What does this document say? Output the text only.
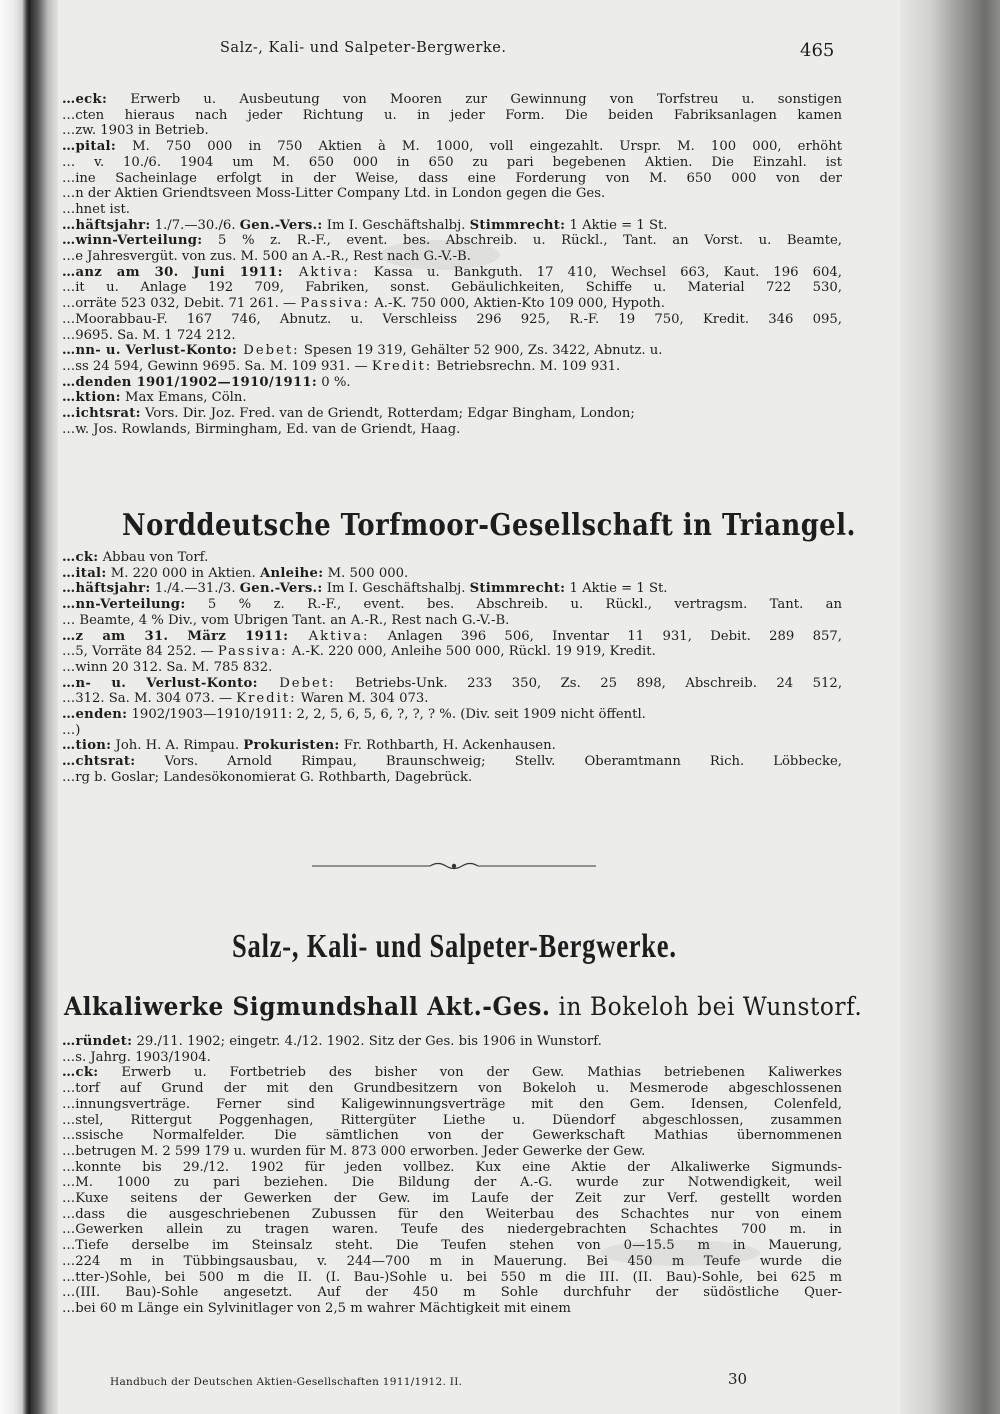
Salz-, Kali- und Salpeter-Bergwerke.	465
…eck: Erwerb u. Ausbeutung von Mooren zur Gewinnung von Torfstreu u. sonstigen
…cten hieraus nach jeder Richtung u. in jeder Form. Die beiden Fabriksanlagen kamen
…zw. 1903 in Betrieb.
…pital: M. 750 000 in 750 Aktien à M. 1000, voll eingezahlt. Urspr. M. 100 000, erhöht
… v. 10./6. 1904 um M. 650 000 in 650 zu pari begebenen Aktien. Die Einzahl. ist
…ine Sacheinlage erfolgt in der Weise, dass eine Forderung von M. 650 000 von der
…n der Aktien Griendtsveen Moss-Litter Company Ltd. in London gegen die Ges.
…hnet ist.
…häftsjahr: 1./7.—30./6. Gen.-Vers.: Im I. Geschäftshalbj. Stimmrecht: 1 Aktie = 1 St.
…winn-Verteilung: 5 % z. R.-F., event. bes. Abschreib. u. Rückl., Tant. an Vorst. u. Beamte,
…e Jahresvergüt. von zus. M. 500 an A.-R., Rest nach G.-V.-B.
…anz am 30. Juni 1911: Aktiva: Kassa u. Bankguth. 17 410, Wechsel 663, Kaut. 196 604,
…it u. Anlage 192 709, Fabriken, sonst. Gebäulichkeiten, Schiffe u. Material 722 530,
…orräte 523 032, Debit. 71 261. — Passiva: A.-K. 750 000, Aktien-Kto 109 000, Hypoth.
…Moorabbau-F. 167 746, Abnutz. u. Verschleiss 296 925, R.-F. 19 750, Kredit. 346 095,
…9695. Sa. M. 1 724 212.
…nn- u. Verlust-Konto: Debet: Spesen 19 319, Gehälter 52 900, Zs. 3422, Abnutz. u.
…ss 24 594, Gewinn 9695. Sa. M. 109 931. — Kredit: Betriebsrechn. M. 109 931.
…denden 1901/1902—1910/1911: 0 %.
…ktion: Max Emans, Cöln.
…ichtsrat: Vors. Dir. Joz. Fred. van de Griendt, Rotterdam; Edgar Bingham, London;
…w. Jos. Rowlands, Birmingham, Ed. van de Griendt, Haag.
Norddeutsche Torfmoor-Gesellschaft in Triangel.
…ck: Abbau von Torf.
…ital: M. 220 000 in Aktien. Anleihe: M. 500 000.
…häftsjahr: 1./4.—31./3. Gen.-Vers.: Im I. Geschäftshalbj. Stimmrecht: 1 Aktie = 1 St.
…nn-Verteilung: 5 % z. R.-F., event. bes. Abschreib. u. Rückl., vertragsm. Tant. an
… Beamte, 4 % Div., vom Übrigen Tant. an A.-R., Rest nach G.-V.-B.
…z am 31. März 1911: Aktiva: Anlagen 396 506, Inventar 11 931, Debit. 289 857,
…5, Vorräte 84 252. — Passiva: A.-K. 220 000, Anleihe 500 000, Rückl. 19 919, Kredit.
…winn 20 312. Sa. M. 785 832.
…n- u. Verlust-Konto: Debet: Betriebs-Unk. 233 350, Zs. 25 898, Abschreib. 24 512,
…312. Sa. M. 304 073. — Kredit: Waren M. 304 073.
…enden: 1902/1903—1910/1911: 2, 2, 5, 6, 5, 6, ?, ?, ? %. (Div. seit 1909 nicht öffentl.
…)
…tion: Joh. H. A. Rimpau. Prokuristen: Fr. Rothbarth, H. Ackenhausen.
…chtsrat: Vors. Arnold Rimpau, Braunschweig; Stellv. Oberamtmann Rich. Löbbecke,
…rg b. Goslar; Landesökonomierat G. Rothbarth, Dagebrück.
Salz-, Kali- und Salpeter-Bergwerke.
Alkaliwerke Sigmundshall Akt.-Ges. in Bokeloh bei Wunstorf.
…ründet: 29./11. 1902; eingetr. 4./12. 1902. Sitz der Ges. bis 1906 in Wunstorf.
…s. Jahrg. 1903/1904.
…ck: Erwerb u. Fortbetrieb des bisher von der Gew. Mathias betriebenen Kaliwerkes
…torf auf Grund der mit den Grundbesitzern von Bokeloh u. Mesmerode abgeschlossenen
…innungsverträge. Ferner sind Kaligewinnungsverträge mit den Gem. Idensen, Colenfeld,
…stel, Rittergut Poggenhagen, Rittergüter Liethe u. Düendorf abgeschlossen, zusammen
…ssische Normalfelder. Die sämtlichen von der Gewerkschaft Mathias übernommenen
…betrugen M. 2 599 179 u. wurden für M. 873 000 erworben. Jeder Gewerke der Gew.
…konnte bis 29./12. 1902 für jeden vollbez. Kux eine Aktie der Alkaliwerke Sigmunds-
…M. 1000 zu pari beziehen. Die Bildung der A.-G. wurde zur Notwendigkeit, weil
…Kuxe seitens der Gewerken der Gew. im Laufe der Zeit zur Verf. gestellt worden
…dass die ausgeschriebenen Zubussen für den Weiterbau des Schachtes nur von einem
…Gewerken allein zu tragen waren. Teufe des niedergebrachten Schachtes 700 m. in
…Tiefe derselbe im Steinsalz steht. Die Teufen stehen von 0—15.5 m in Mauerung,
…224 m in Tübbingsausbau, v. 244—700 m in Mauerung. Bei 450 m Teufe wurde die
…tter-)Sohle, bei 500 m die II. (I. Bau-)Sohle u. bei 550 m die III. (II. Bau)-Sohle, bei 625 m
…(III. Bau)-Sohle angesetzt. Auf der 450 m Sohle durchfuhr der südöstliche Quer-
…bei 60 m Länge ein Sylvinitlager von 2,5 m wahrer Mächtigkeit mit einem
Handbuch der Deutschen Aktien-Gesellschaften 1911/1912. II.	30
